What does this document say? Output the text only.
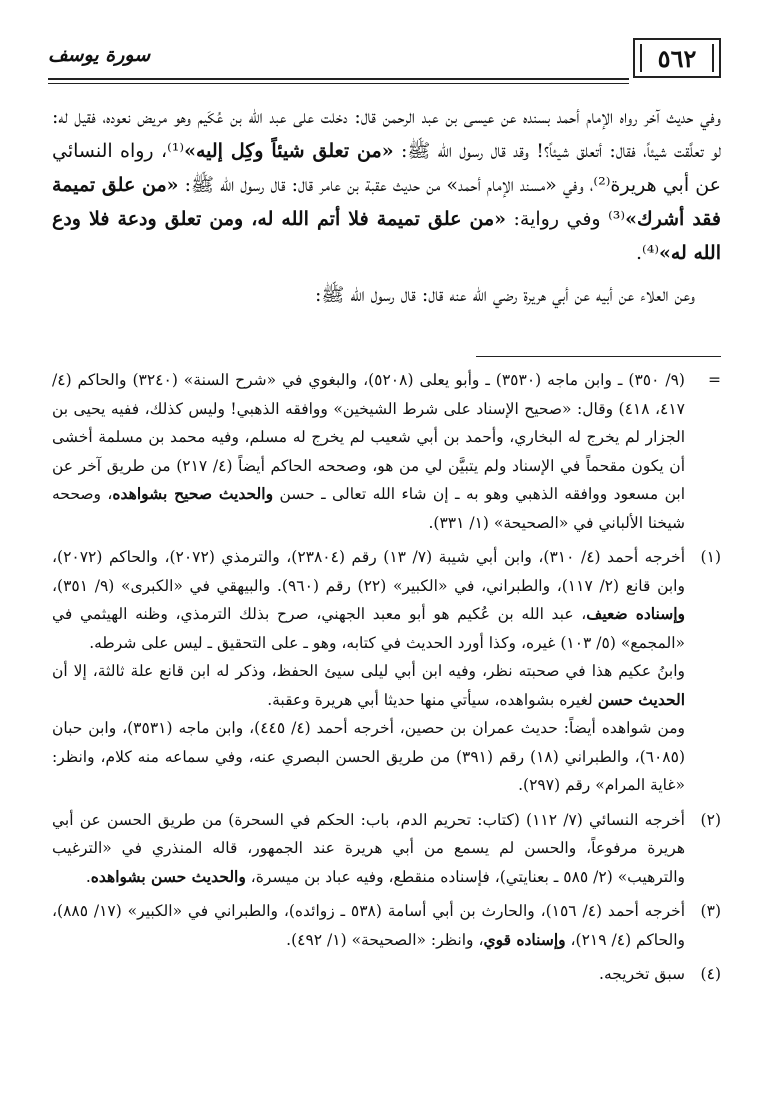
سورة يوسف	٥٦٢

وفي حديث آخر رواه الإمام أحمد بسنده عن عيسى بن عبد الرحمن قال: دخلت على عبد الله بن عُكَيم وهو مريض نعوده، فقيل له: لو تعلَّقت شيئاً، فقال: أتعلق شيئاً؟! وقد قال رسول الله ﷺ: «من تعلق شيئاً وكِل إليه»⁽¹⁾، رواه النسائي عن أبي هريرة⁽²⁾، وفي «مسند الإمام أحمد» من حديث عقبة بن عامر قال: قال رسول الله ﷺ: «من علق تميمة فقد أشرك»⁽³⁾ وفي رواية: «من علق تميمة فلا أتم الله له، ومن تعلق ودعة فلا ودع الله له»⁽⁴⁾.

وعن العلاء عن أبيه عن أبي هريرة رضي الله عنه قال: قال رسول الله ﷺ:

=

(٩/ ٣٥٠) ـ وابن ماجه (٣٥٣٠) ـ وأبو يعلى (٥٢٠٨)، والبغوي في «شرح السنة» (٣٢٤٠) والحاكم (٤/ ٤١٧، ٤١٨) وقال: «صحيح الإسناد على شرط الشيخين» ووافقه الذهبي! وليس كذلك، ففيه يحيى بن الجزار لم يخرج له البخاري، وأحمد بن أبي شعيب لم يخرج له مسلم، وفيه محمد بن مسلمة أخشى أن يكون مقحماً في الإسناد ولم يتبيَّن لي من هو، وصححه الحاكم أيضاً (٤/ ٢١٧) من طريق آخر عن ابن مسعود ووافقه الذهبي وهو به ـ إن شاء الله تعالى ـ حسن والحديث صحيح بشواهده، وصححه شيخنا الألباني في «الصحيحة» (١/ ٣٣١).

(١)

أخرجه أحمد (٤/ ٣١٠)، وابن أبي شيبة (٧/ ١٣) رقم (٢٣٨٠٤)، والترمذي (٢٠٧٢)، والحاكم (٢٠٧٢)، وابن قانع (٢/ ١١٧)، والطبراني، في «الكبير» (٢٢) رقم (٩٦٠). والبيهقي في «الكبرى» (٩/ ٣٥١)، وإسناده ضعيف، عبد الله بن عُكيم هو أبو معبد الجهني، صرح بذلك الترمذي، وظنه الهيثمي في «المجمع» (٥/ ١٠٣) غيره، وكذا أورد الحديث في كتابه، وهو ـ على التحقيق ـ ليس على شرطه.

وابنُ عكيم هذا في صحبته نظر، وفيه ابن أبي ليلى سيئ الحفظ، وذكر له ابن قانع علة ثالثة، إلا أن الحديث حسن لغيره بشواهده، سيأتي منها حديثا أبي هريرة وعقبة.

ومن شواهده أيضاً: حديث عمران بن حصين، أخرجه أحمد (٤/ ٤٤٥)، وابن ماجه (٣٥٣١)، وابن حبان (٦٠٨٥)، والطبراني (١٨) رقم (٣٩١) من طريق الحسن البصري عنه، وفي سماعه منه كلام، وانظر: «غاية المرام» رقم (٢٩٧).

(٢)

أخرجه النسائي (٧/ ١١٢) (كتاب: تحريم الدم، باب: الحكم في السحرة) من طريق الحسن عن أبي هريرة مرفوعاً، والحسن لم يسمع من أبي هريرة عند الجمهور، قاله المنذري في «الترغيب والترهيب» (٢/ ٥٨٥ ـ بعنايتي)، فإسناده منقطع، وفيه عباد بن ميسرة، والحديث حسن بشواهده.

(٣)

أخرجه أحمد (٤/ ١٥٦)، والحارث بن أبي أسامة (٥٣٨ ـ زوائده)، والطبراني في «الكبير» (١٧/ ٨٨٥)، والحاكم (٤/ ٢١٩)، وإسناده قوي، وانظر: «الصحيحة» (١/ ٤٩٢).

(٤)

سبق تخريجه.
